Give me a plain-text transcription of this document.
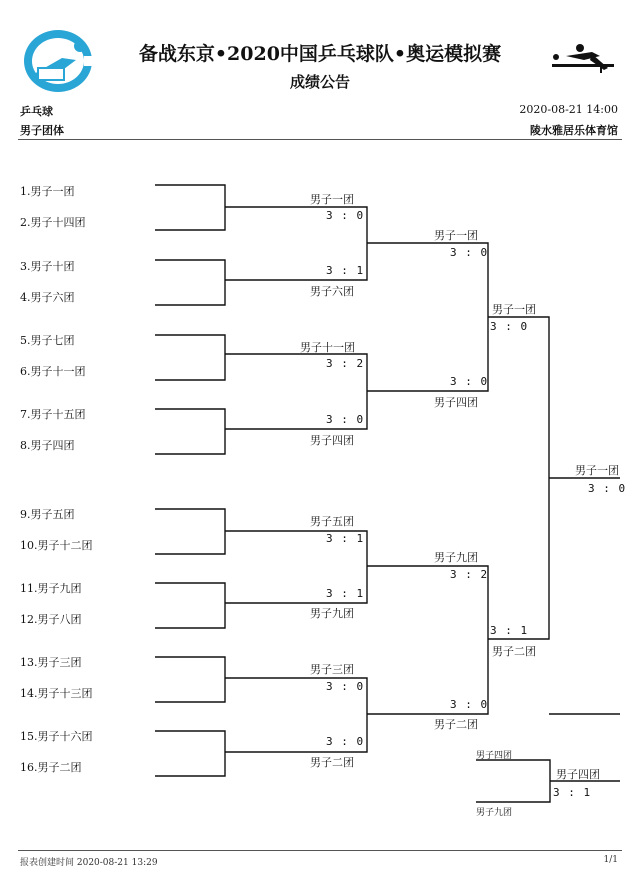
备战东京•2020中国乒乓球队•奥运模拟赛
成绩公告
乒乓球
男子团体
2020-08-21 14:00
陵水雅居乐体育馆
1.男子一团
2.男子十四团
3.男子十团
4.男子六团
5.男子七团
6.男子十一团
7.男子十五团
8.男子四团
9.男子五团
10.男子十二团
11.男子九团
12.男子八团
13.男子三团
14.男子十三团
15.男子十六团
16.男子二团
男子一团
3 : 0
3 : 1
男子六团
男子十一团
3 : 2
3 : 0
男子四团
男子五团
3 : 1
3 : 1
男子九团
男子三团
3 : 0
3 : 0
男子二团
男子一团
3 : 0
3 : 0
男子四团
男子九团
3 : 2
3 : 0
男子二团
男子一团
3 : 0
3 : 1
男子二团
男子一团
3 : 0
男子四团
男子九团
男子四团
3 : 1
报表创建时间 2020-08-21 13:29	1/1
